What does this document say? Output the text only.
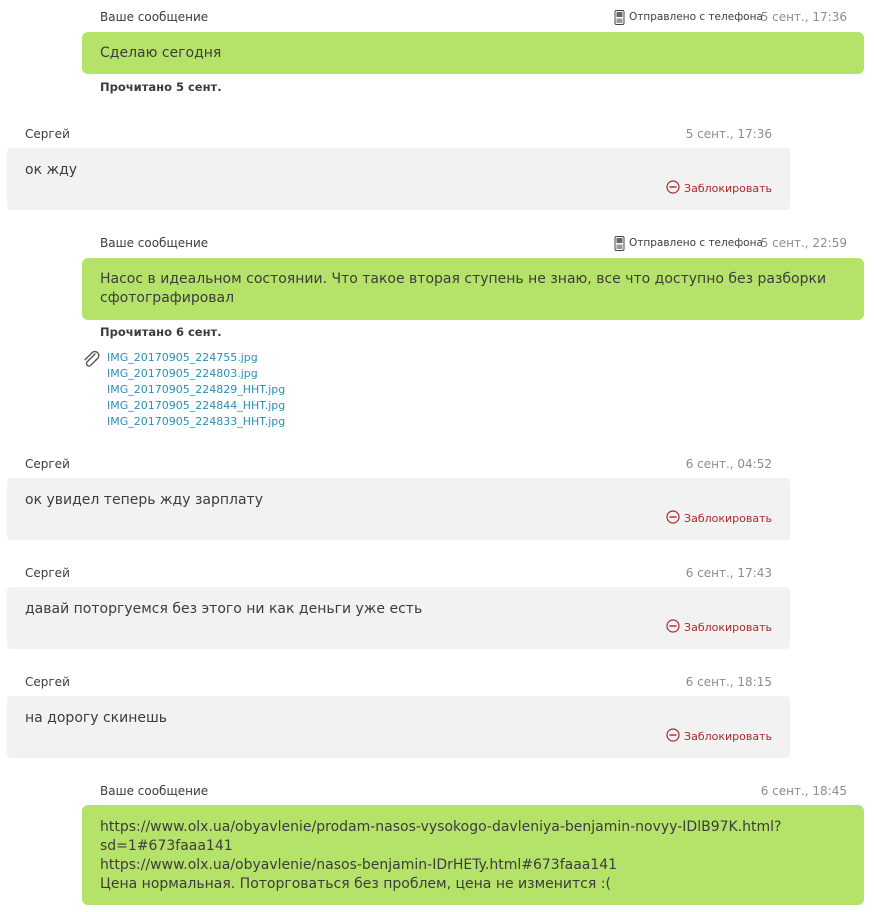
Ваше сообщение	Отправлено с телефона
5 сент., 17:36
Сделаю сегодня
Прочитано 5 сент.
Сергей	5 сент., 17:36
ок жду
Заблокировать
Ваше сообщение	Отправлено с телефона
5 сент., 22:59
Насос в идеальном состоянии. Что такое вторая ступень не знаю, все что доступно без разборки
сфотографировал
Прочитано 6 сент.
IMG_20170905_224755.jpg
IMG_20170905_224803.jpg
IMG_20170905_224829_HHT.jpg
IMG_20170905_224844_HHT.jpg
IMG_20170905_224833_HHT.jpg
Сергей	6 сент., 04:52
ок увидел теперь жду зарплату
Заблокировать
Сергей	6 сент., 17:43
давай поторгуемся без этого ни как деньги уже есть
Заблокировать
Сергей	6 сент., 18:15
на дорогу скинешь
Заблокировать
Ваше сообщение	6 сент., 18:45
https://www.olx.ua/obyavlenie/prodam-nasos-vysokogo-davleniya-benjamin-novyy-IDlB97K.html?
sd=1#673faaa141
https://www.olx.ua/obyavlenie/nasos-benjamin-IDrHETy.html#673faaa141
Цена нормальная. Поторговаться без проблем, цена не изменится :(
